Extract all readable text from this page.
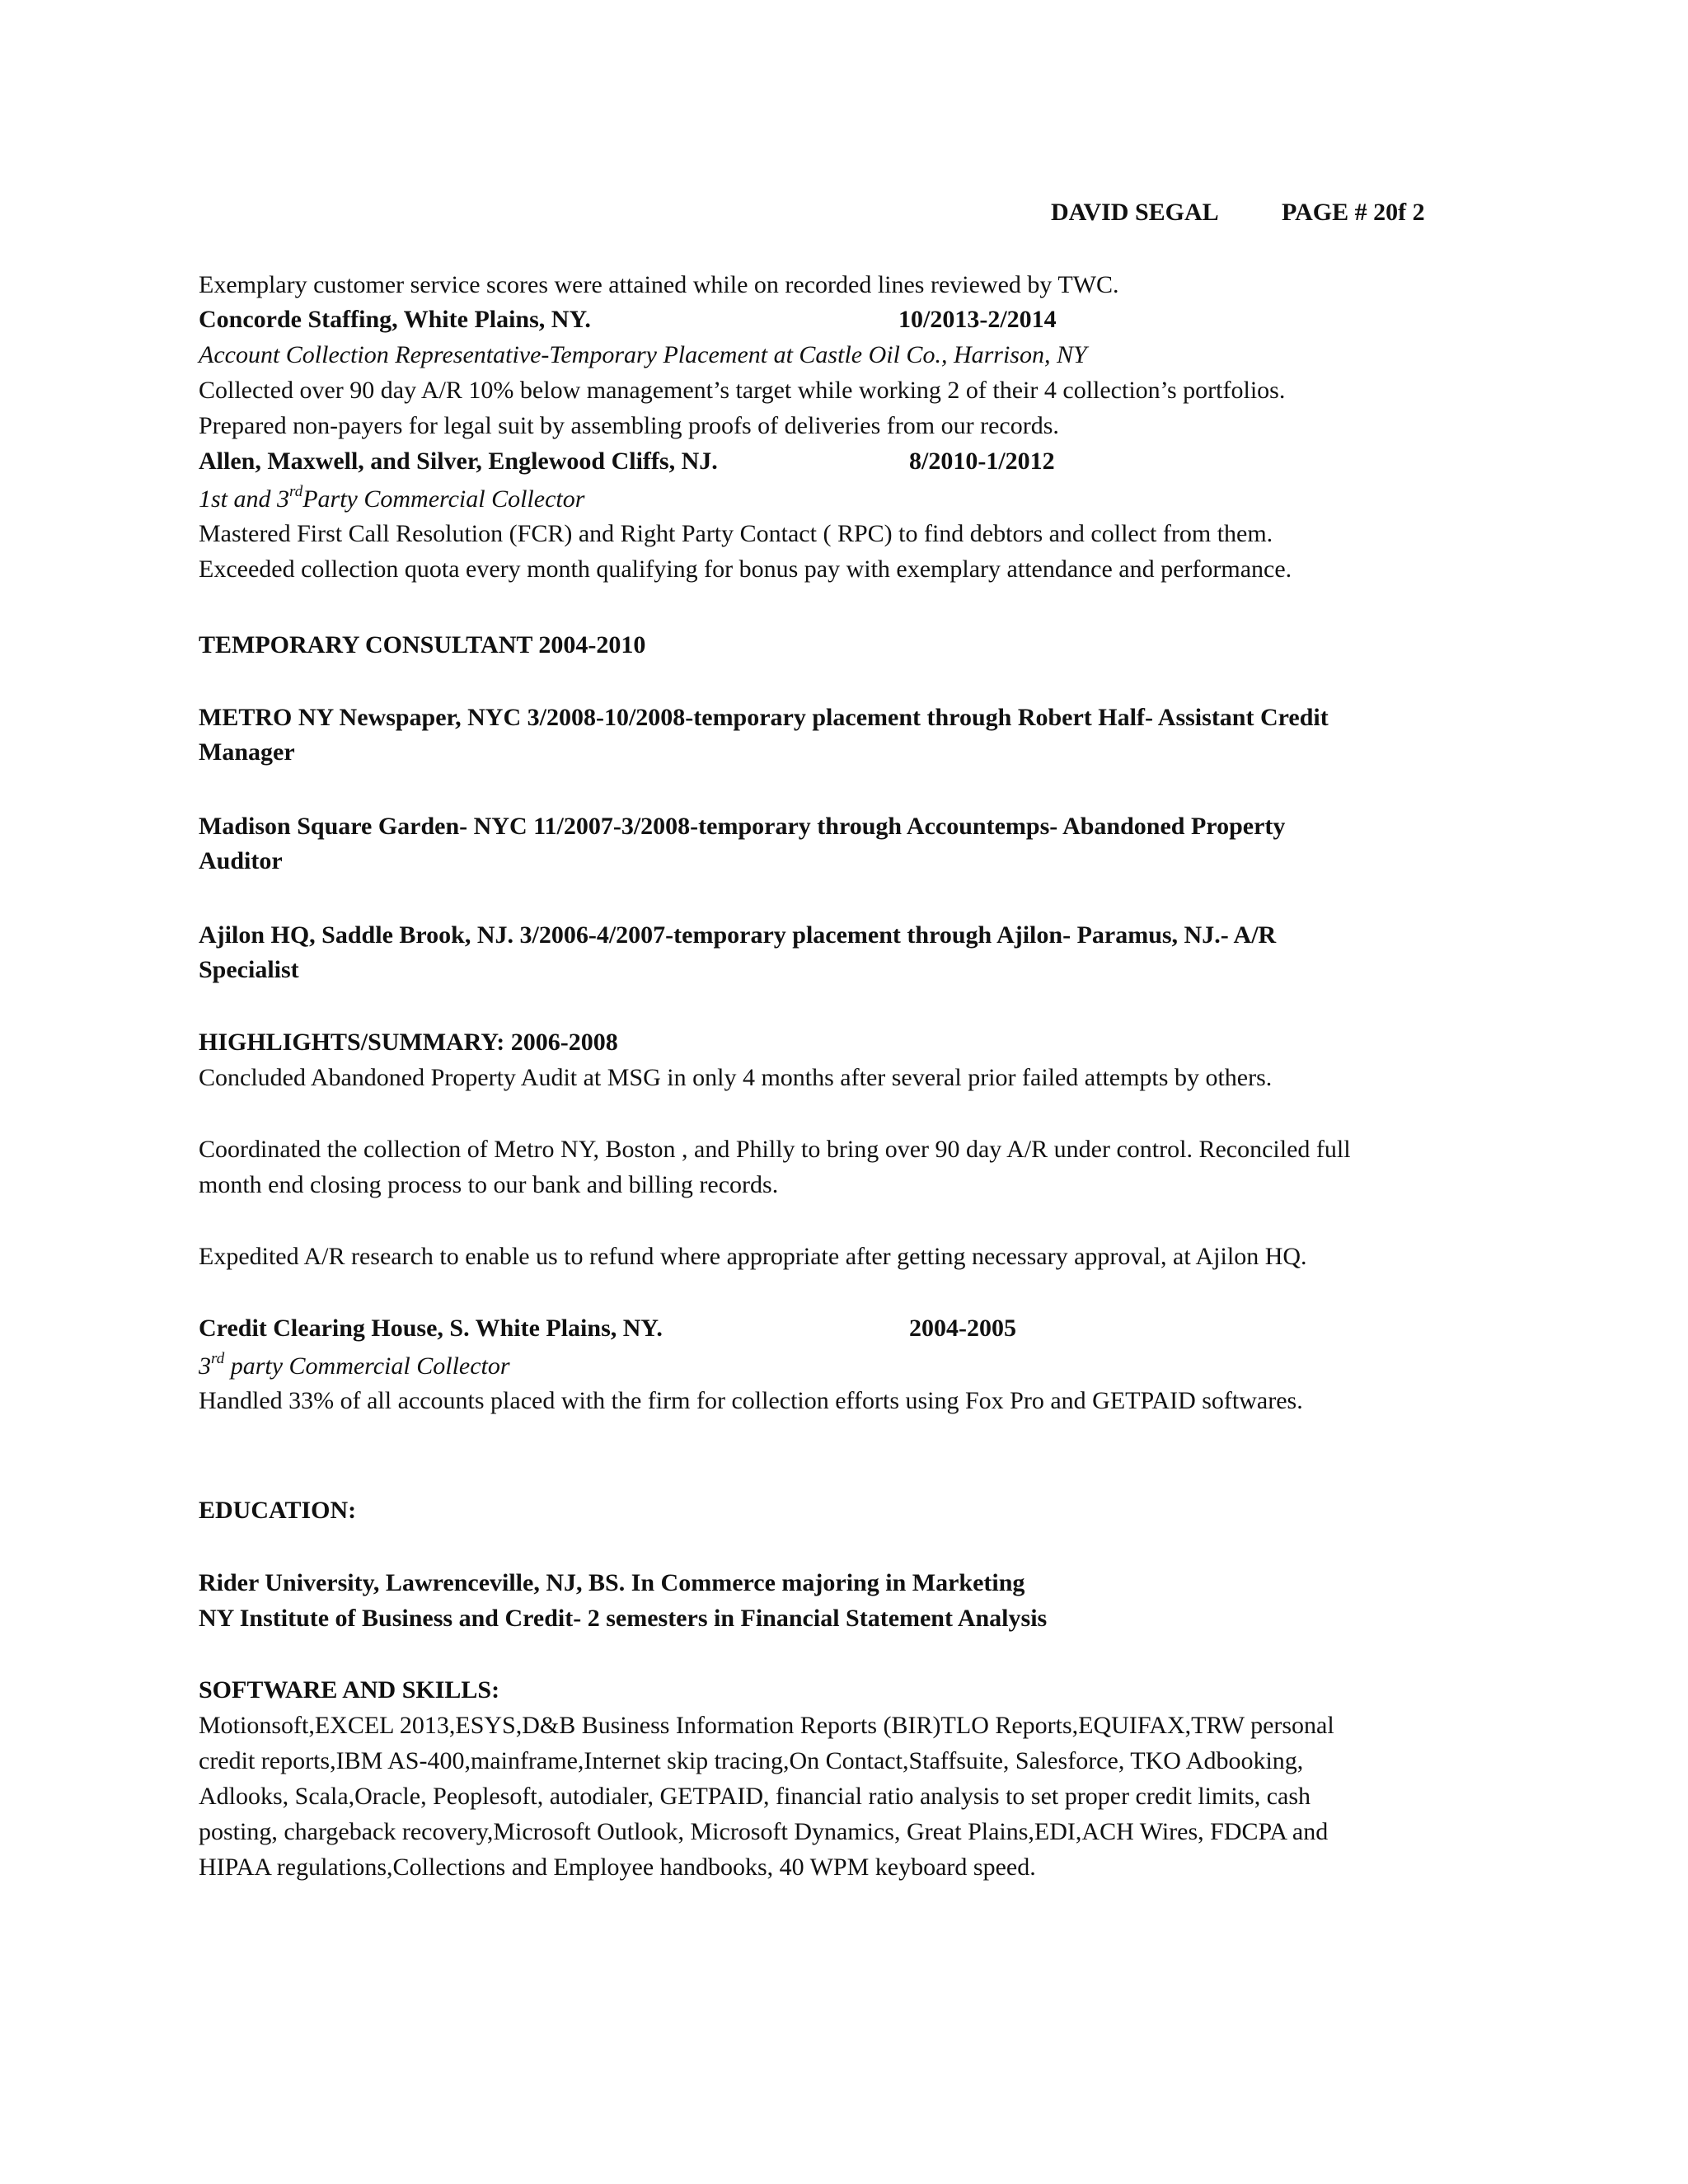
DAVID SEGAL	PAGE # 20f 2
Exemplary customer service scores were attained while on recorded lines reviewed by TWC.
Concorde Staffing, White Plains, NY.	10/2013-2/2014
Account Collection Representative-Temporary Placement at Castle Oil Co., Harrison, NY
Collected over 90 day A/R 10% below management’s target while working 2 of their 4 collection’s portfolios.
Prepared non-payers for legal suit by assembling proofs of deliveries from our records.
Allen, Maxwell, and Silver, Englewood Cliffs, NJ.	8/2010-1/2012
1st and 3rdParty Commercial Collector
Mastered First Call Resolution (FCR) and Right Party Contact ( RPC) to find debtors and collect from them.
Exceeded collection quota every month qualifying for bonus pay with exemplary attendance and performance.
TEMPORARY CONSULTANT 2004-2010
METRO NY Newspaper, NYC 3/2008-10/2008-temporary placement through Robert Half- Assistant Credit
Manager
Madison Square Garden- NYC 11/2007-3/2008-temporary through Accountemps- Abandoned Property
Auditor
Ajilon HQ, Saddle Brook, NJ. 3/2006-4/2007-temporary placement through Ajilon- Paramus, NJ.- A/R
Specialist
HIGHLIGHTS/SUMMARY: 2006-2008
Concluded Abandoned Property Audit at MSG in only 4 months after several prior failed attempts by others.
Coordinated the collection of Metro NY, Boston , and Philly to bring over 90 day A/R under control. Reconciled full
month end closing process to our bank and billing records.
Expedited A/R research to enable us to refund where appropriate after getting necessary approval, at Ajilon HQ.
Credit Clearing House, S. White Plains, NY.	2004-2005
3rd party Commercial Collector
Handled 33% of all accounts placed with the firm for collection efforts using Fox Pro and GETPAID softwares.
EDUCATION:
Rider University, Lawrenceville, NJ, BS. In Commerce majoring in Marketing
NY Institute of Business and Credit- 2 semesters in Financial Statement Analysis
SOFTWARE AND SKILLS:
Motionsoft,EXCEL 2013,ESYS,D&B Business Information Reports (BIR)TLO Reports,EQUIFAX,TRW personal
credit reports,IBM AS-400,mainframe,Internet skip tracing,On Contact,Staffsuite, Salesforce, TKO Adbooking,
Adlooks, Scala,Oracle, Peoplesoft, autodialer, GETPAID, financial ratio analysis to set proper credit limits, cash
posting, chargeback recovery,Microsoft Outlook, Microsoft Dynamics, Great Plains,EDI,ACH Wires, FDCPA and
HIPAA regulations,Collections and Employee handbooks, 40 WPM keyboard speed.
